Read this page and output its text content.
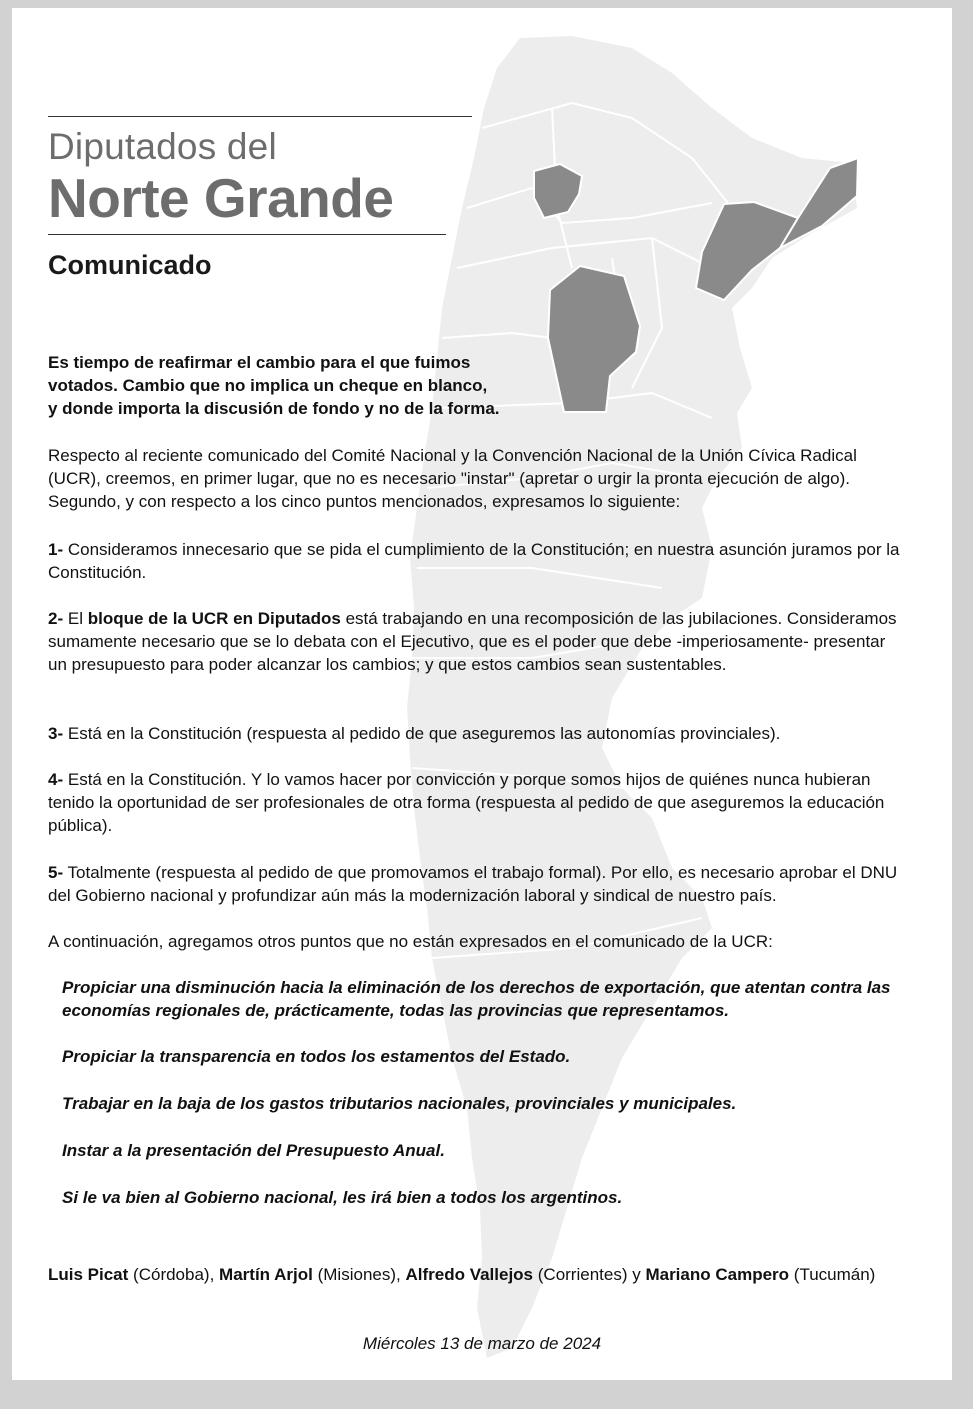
Diputados del
Norte Grande
Comunicado
Es tiempo de reafirmar el cambio para el que fuimos
votados. Cambio que no implica un cheque en blanco,
y donde importa la discusión de fondo y no de la forma.
Respecto al reciente comunicado del Comité Nacional y la Convención Nacional de la Unión Cívica Radical (UCR), creemos, en primer lugar, que no es necesario "instar" (apretar o urgir la pronta ejecución de algo). Segundo, y con respecto a los cinco puntos mencionados, expresamos lo siguiente:
1- Consideramos innecesario que se pida el cumplimiento de la Constitución; en nuestra asunción juramos por la Constitución.
2- El bloque de la UCR en Diputados está trabajando en una recomposición de las jubilaciones. Consideramos sumamente necesario que se lo debata con el Ejecutivo, que es el poder que debe -imperiosamente- presentar un presupuesto para poder alcanzar los cambios; y que estos cambios sean sustentables.
3- Está en la Constitución (respuesta al pedido de que aseguremos las autonomías provinciales).
4- Está en la Constitución. Y lo vamos hacer por convicción y porque somos hijos de quiénes nunca hubieran tenido la oportunidad de ser profesionales de otra forma (respuesta al pedido de que aseguremos la educación pública).
5- Totalmente (respuesta al pedido de que promovamos el trabajo formal). Por ello, es necesario aprobar el DNU del Gobierno nacional y profundizar aún más la modernización laboral y sindical de nuestro país.
A continuación, agregamos otros puntos que no están expresados en el comunicado de la UCR:
Propiciar una disminución hacia la eliminación de los derechos de exportación, que atentan contra las economías regionales de, prácticamente, todas las provincias que representamos.
Propiciar la transparencia en todos los estamentos del Estado.
Trabajar en la baja de los gastos tributarios nacionales, provinciales y municipales.
Instar a la presentación del Presupuesto Anual.
Si le va bien al Gobierno nacional, les irá bien a todos los argentinos.
Luis Picat (Córdoba), Martín Arjol (Misiones), Alfredo Vallejos (Corrientes) y Mariano Campero (Tucumán)
Miércoles 13 de marzo de 2024
